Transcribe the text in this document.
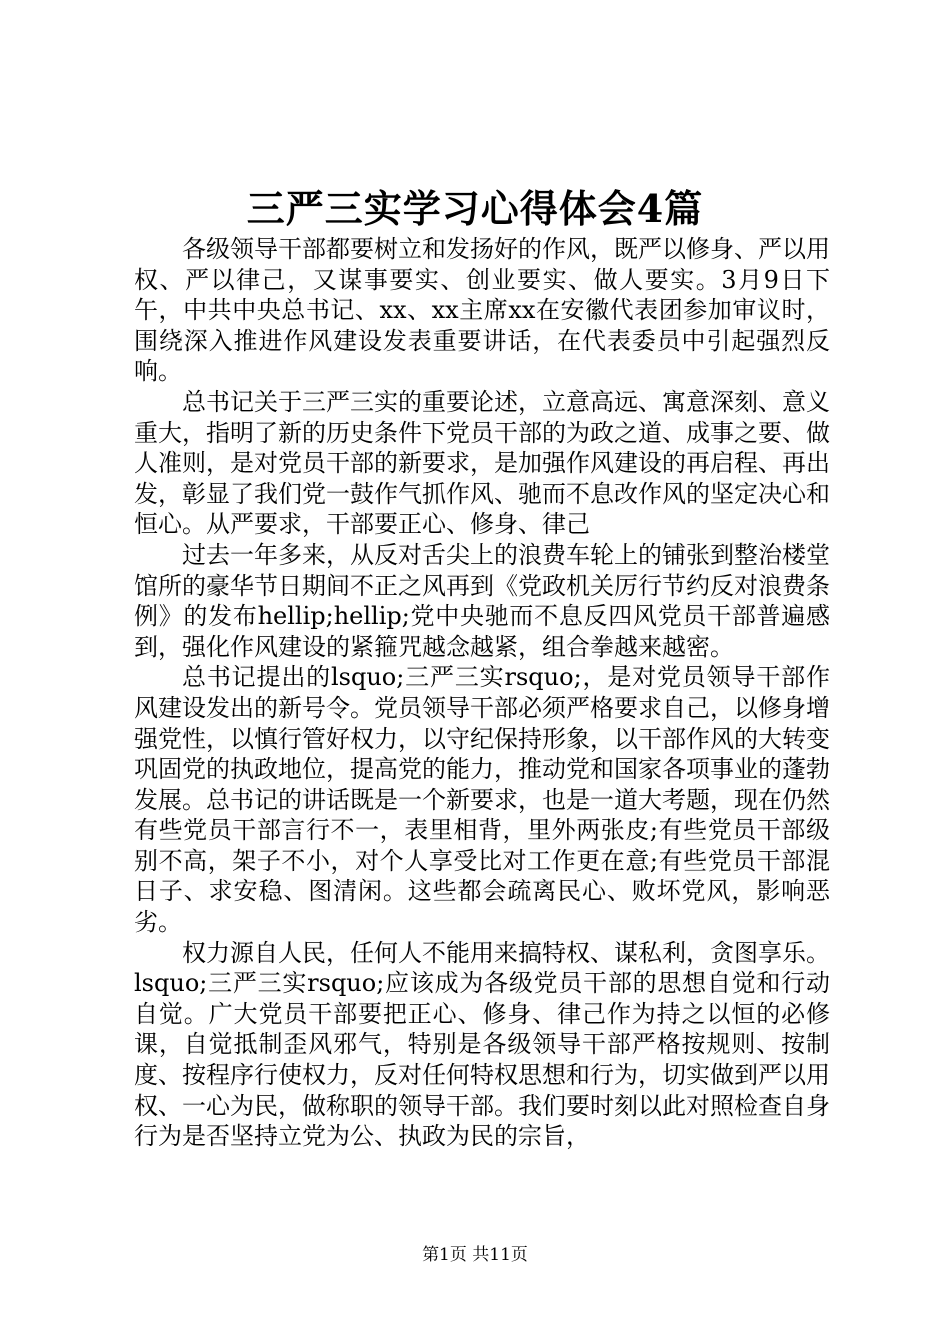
三严三实学习心得体会4篇

各级领导干部都要树立和发扬好的作风，既严以修身、严以用权、严以律己，又谋事要实、创业要实、做人要实。3月9日下午，中共中央总书记、xx、xx主席xx在安徽代表团参加审议时，围绕深入推进作风建设发表重要讲话，在代表委员中引起强烈反响。

总书记关于三严三实的重要论述，立意高远、寓意深刻、意义重大，指明了新的历史条件下党员干部的为政之道、成事之要、做人准则，是对党员干部的新要求，是加强作风建设的再启程、再出发，彰显了我们党一鼓作气抓作风、驰而不息改作风的坚定决心和恒心。从严要求，干部要正心、修身、律己

过去一年多来，从反对舌尖上的浪费车轮上的铺张到整治楼堂馆所的豪华节日期间不正之风再到《党政机关厉行节约反对浪费条例》的发布hellip;hellip;党中央驰而不息反四风党员干部普遍感到，强化作风建设的紧箍咒越念越紧，组合拳越来越密。

总书记提出的lsquo;三严三实rsquo;，是对党员领导干部作风建设发出的新号令。党员领导干部必须严格要求自己，以修身增强党性，以慎行管好权力，以守纪保持形象，以干部作风的大转变巩固党的执政地位，提高党的能力，推动党和国家各项事业的蓬勃发展。总书记的讲话既是一个新要求，也是一道大考题，现在仍然有些党员干部言行不一，表里相背，里外两张皮;有些党员干部级别不高，架子不小，对个人享受比对工作更在意;有些党员干部混日子、求安稳、图清闲。这些都会疏离民心、败坏党风，影响恶劣。

权力源自人民，任何人不能用来搞特权、谋私利，贪图享乐。lsquo;三严三实rsquo;应该成为各级党员干部的思想自觉和行动自觉。广大党员干部要把正心、修身、律己作为持之以恒的必修课，自觉抵制歪风邪气，特别是各级领导干部严格按规则、按制度、按程序行使权力，反对任何特权思想和行为，切实做到严以用权、一心为民，做称职的领导干部。我们要时刻以此对照检查自身行为是否坚持立党为公、执政为民的宗旨，

第1页 共11页
